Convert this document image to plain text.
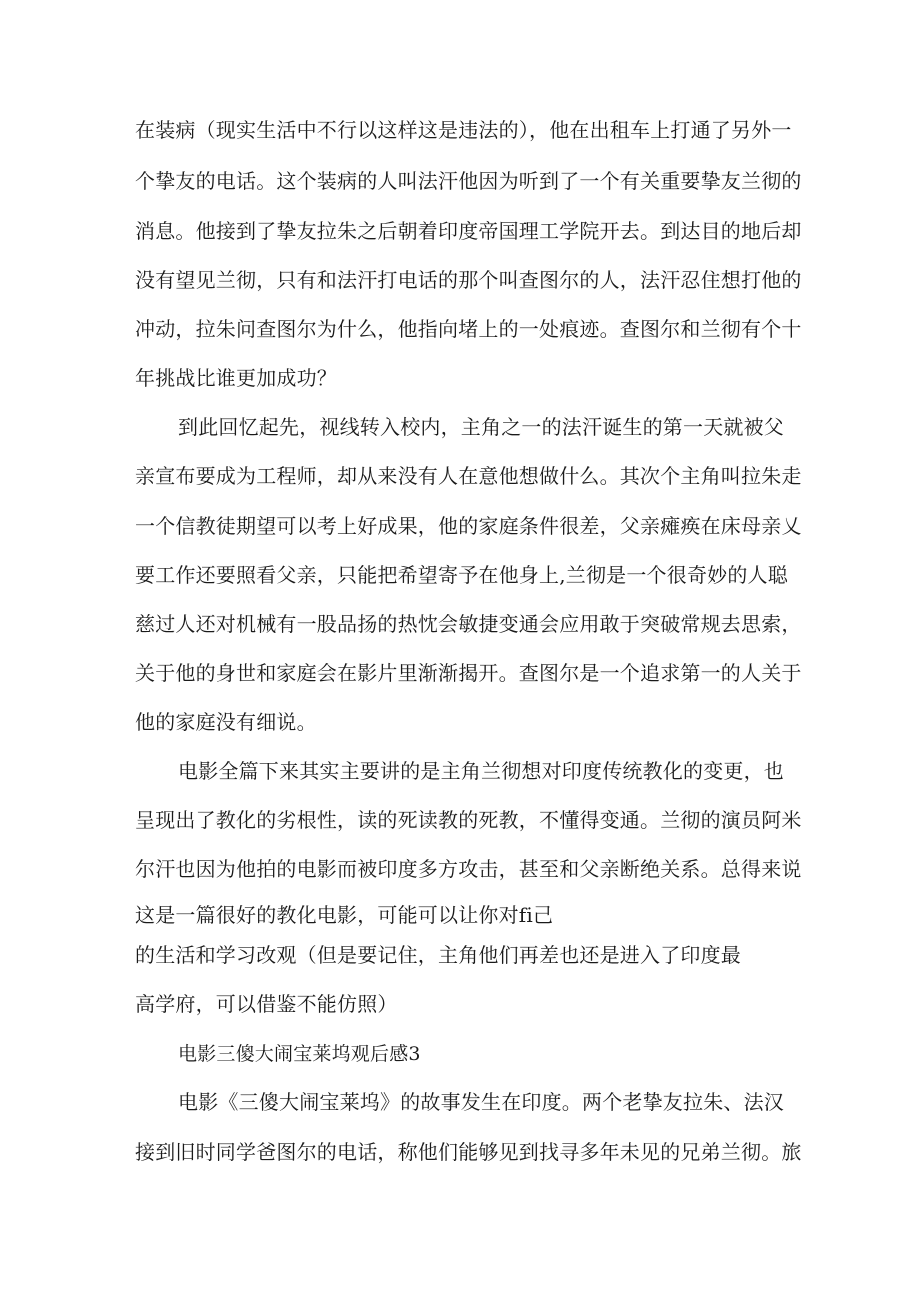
在装病（现实生活中不行以这样这是违法的），他在出租车上打通了另外一
个挚友的电话。这个装病的人叫法汗他因为听到了一个有关重要挚友兰彻的
消息。他接到了挚友拉朱之后朝着印度帝国理工学院开去。到达目的地后却
没有望见兰彻，只有和法汗打电话的那个叫查图尔的人，法汗忍住想打他的
冲动，拉朱问查图尔为什么，他指向堵上的一处痕迹。查图尔和兰彻有个十
年挑战比谁更加成功？
到此回忆起先，视线转入校内，主角之一的法汗诞生的第一天就被父
亲宣布要成为工程师，却从来没有人在意他想做什么。其次个主角叫拉朱走
一个信教徒期望可以考上好成果，他的家庭条件很差，父亲瘫痪在床母亲乂
要工作还要照看父亲，只能把希望寄予在他身上,兰彻是一个很奇妙的人聪
慈过人还对机械有一股品扬的热忱会敏捷变通会应用敢于突破常规去思索，
关于他的身世和家庭会在影片里渐渐揭开。查图尔是一个追求第一的人关于
他的家庭没有细说。
电影全篇下来其实主要讲的是主角兰彻想对印度传统教化的变更，也
呈现出了教化的劣根性，读的死读教的死教，不懂得变通。兰彻的演员阿米
尔汗也因为他拍的电影而被印度多方攻击，甚至和父亲断绝关系。总得来说
这是一篇很好的教化电影，可能可以让你对fi己
的生活和学习改观（但是要记住，主角他们再差也还是进入了印度最
高学府，可以借鉴不能仿照）
电影三傻大闹宝莱坞观后感3
电影《三傻大闹宝莱坞》的故事发生在印度。两个老挚友拉朱、法汉
接到旧时同学爸图尔的电话，称他们能够见到找寻多年未见的兄弟兰彻。旅
